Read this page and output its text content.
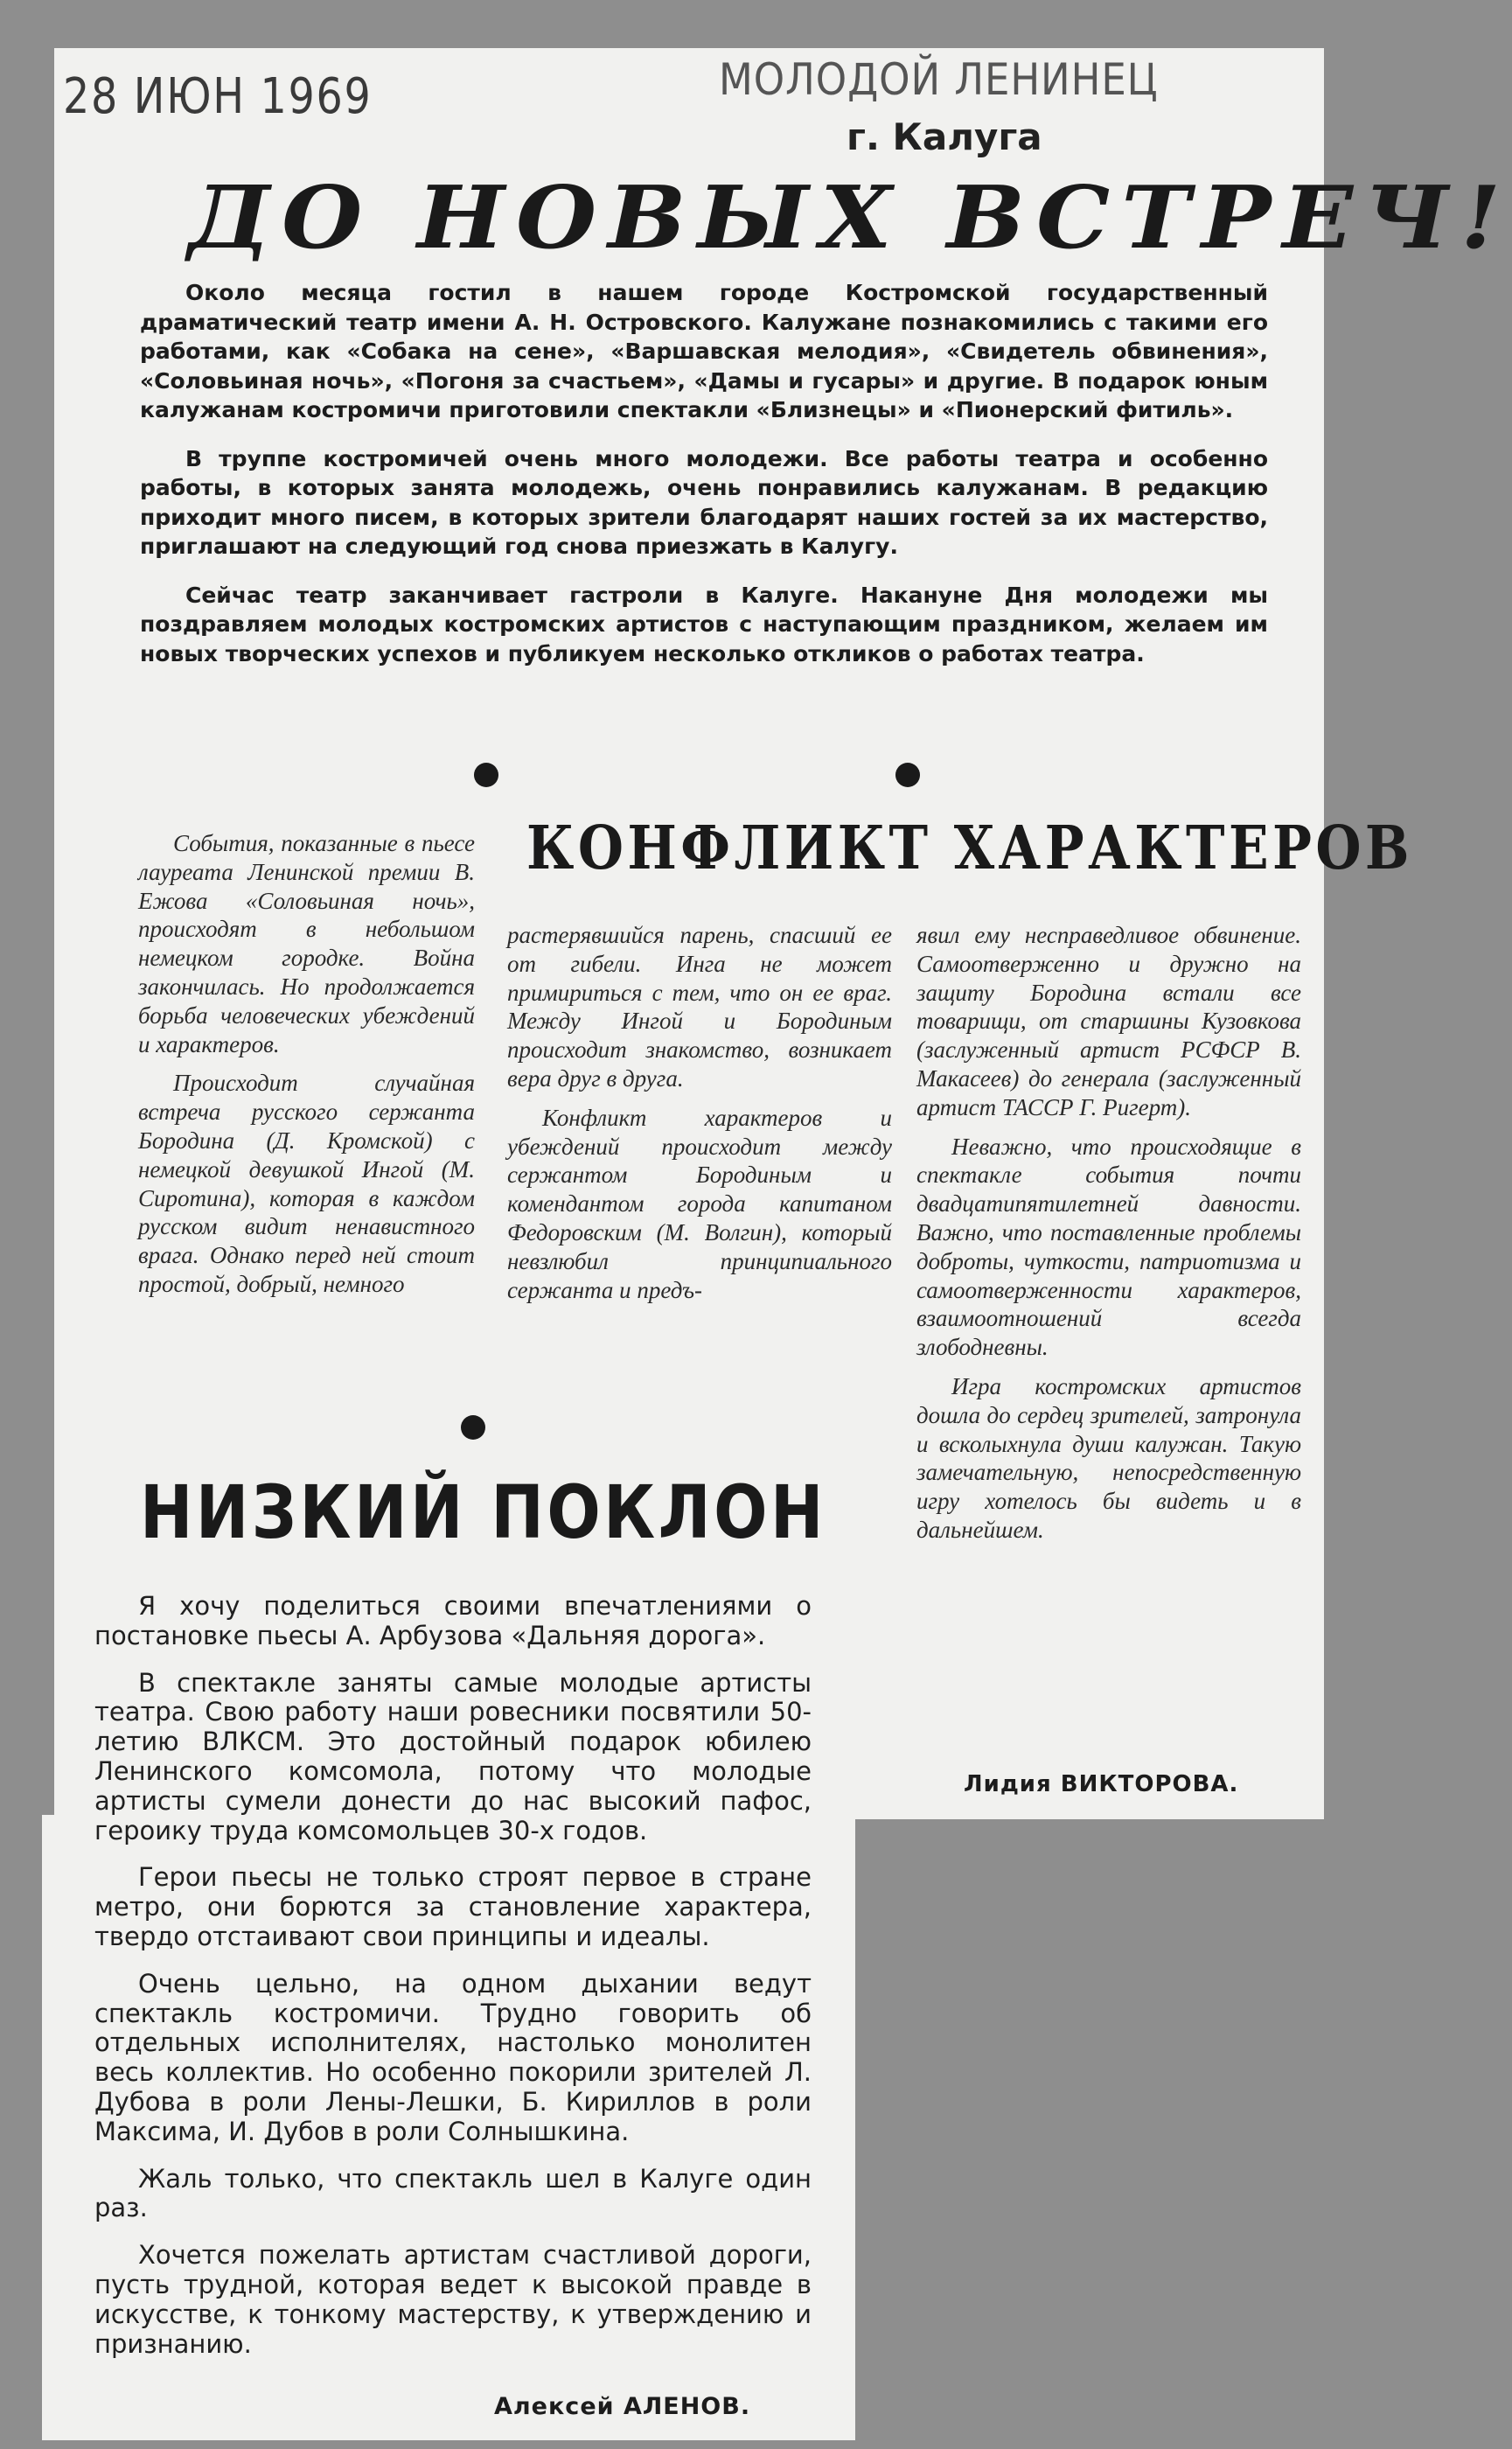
28 ИЮН 1969	МОЛОДОЙ ЛЕНИНЕЦ
г. Калуга
ДО НОВЫХ ВСТРЕЧ!

Около месяца гостил в нашем городе Костромской государственный драматический театр имени А. Н. Островского. Калужане познакомились с такими его работами, как «Собака на сене», «Варшавская мелодия», «Свидетель обвинения», «Соловьиная ночь», «Погоня за счастьем», «Дамы и гусары» и другие. В подарок юным калужанам костромичи приготовили спектакли «Близнецы» и «Пионерский фитиль».

В труппе костромичей очень много молодежи. Все работы театра и особенно работы, в которых занята молодежь, очень понравились калужанам. В редакцию приходит много писем, в которых зрители благодарят наших гостей за их мастерство, приглашают на следующий год снова приезжать в Калугу.

Сейчас театр заканчивает гастроли в Калуге. Накануне Дня молодежи мы поздравляем молодых костромских артистов с наступающим праздником, желаем им новых творческих успехов и публикуем несколько откликов о работах театра.

КОНФЛИКТ ХАРАКТЕРОВ

События, показанные в пьесе лауреата Ленинской премии В. Ежова «Соловьиная ночь», происходят в небольшом немецком городке. Война закончилась. Но продолжается борьба человеческих убеждений и характеров.

Происходит случайная встреча русского сержанта Бородина (Д. Кромской) с немецкой девушкой Ингой (М. Сиротина), которая в каждом русском видит ненавистного врага. Однако перед ней стоит простой, добрый, немного

растерявшийся парень, спасший ее от гибели. Инга не может примириться с тем, что он ее враг. Между Ингой и Бородиным происходит знакомство, возникает вера друг в друга.

Конфликт характеров и убеждений происходит между сержантом Бородиным и комендантом города капитаном Федоровским (М. Волгин), который невзлюбил принципиального сержанта и предъ-

явил ему несправедливое обвинение. Самоотверженно и дружно на защиту Бородина встали все товарищи, от старшины Кузовкова (заслуженный артист РСФСР В. Макасеев) до генерала (заслуженный артист ТАССР Г. Ригерт).

Неважно, что происходящие в спектакле события почти двадцатипятилетней давности. Важно, что поставленные проблемы доброты, чуткости, патриотизма и самоотверженности характеров, взаимоотношений всегда злободневны.

Игра костромских артистов дошла до сердец зрителей, затронула и всколыхнула души калужан. Такую замечательную, непосредственную игру хотелось бы видеть и в дальнейшем.

Лидия ВИКТОРОВА.
НИЗКИЙ ПОКЛОН

Я хочу поделиться своими впечатлениями о постановке пьесы А. Арбузова «Дальняя дорога».

В спектакле заняты самые молодые артисты театра. Свою работу наши ровесники посвятили 50-летию ВЛКСМ. Это достойный подарок юбилею Ленинского комсомола, потому что молодые артисты сумели донести до нас высокий пафос, героику труда комсомольцев 30-х годов.

Герои пьесы не только строят первое в стране метро, они борются за становление характера, твердо отстаивают свои принципы и идеалы.

Очень цельно, на одном дыхании ведут спектакль костромичи. Трудно говорить об отдельных исполнителях, настолько монолитен весь коллектив. Но особенно покорили зрителей Л. Дубова в роли Лены-Лешки, Б. Кириллов в роли Максима, И. Дубов в роли Солнышкина.

Жаль только, что спектакль шел в Калуге один раз.

Хочется пожелать артистам счастливой дороги, пусть трудной, которая ведет к высокой правде в искусстве, к тонкому мастерству, к утверждению и признанию.

Алексей АЛЕНОВ.
